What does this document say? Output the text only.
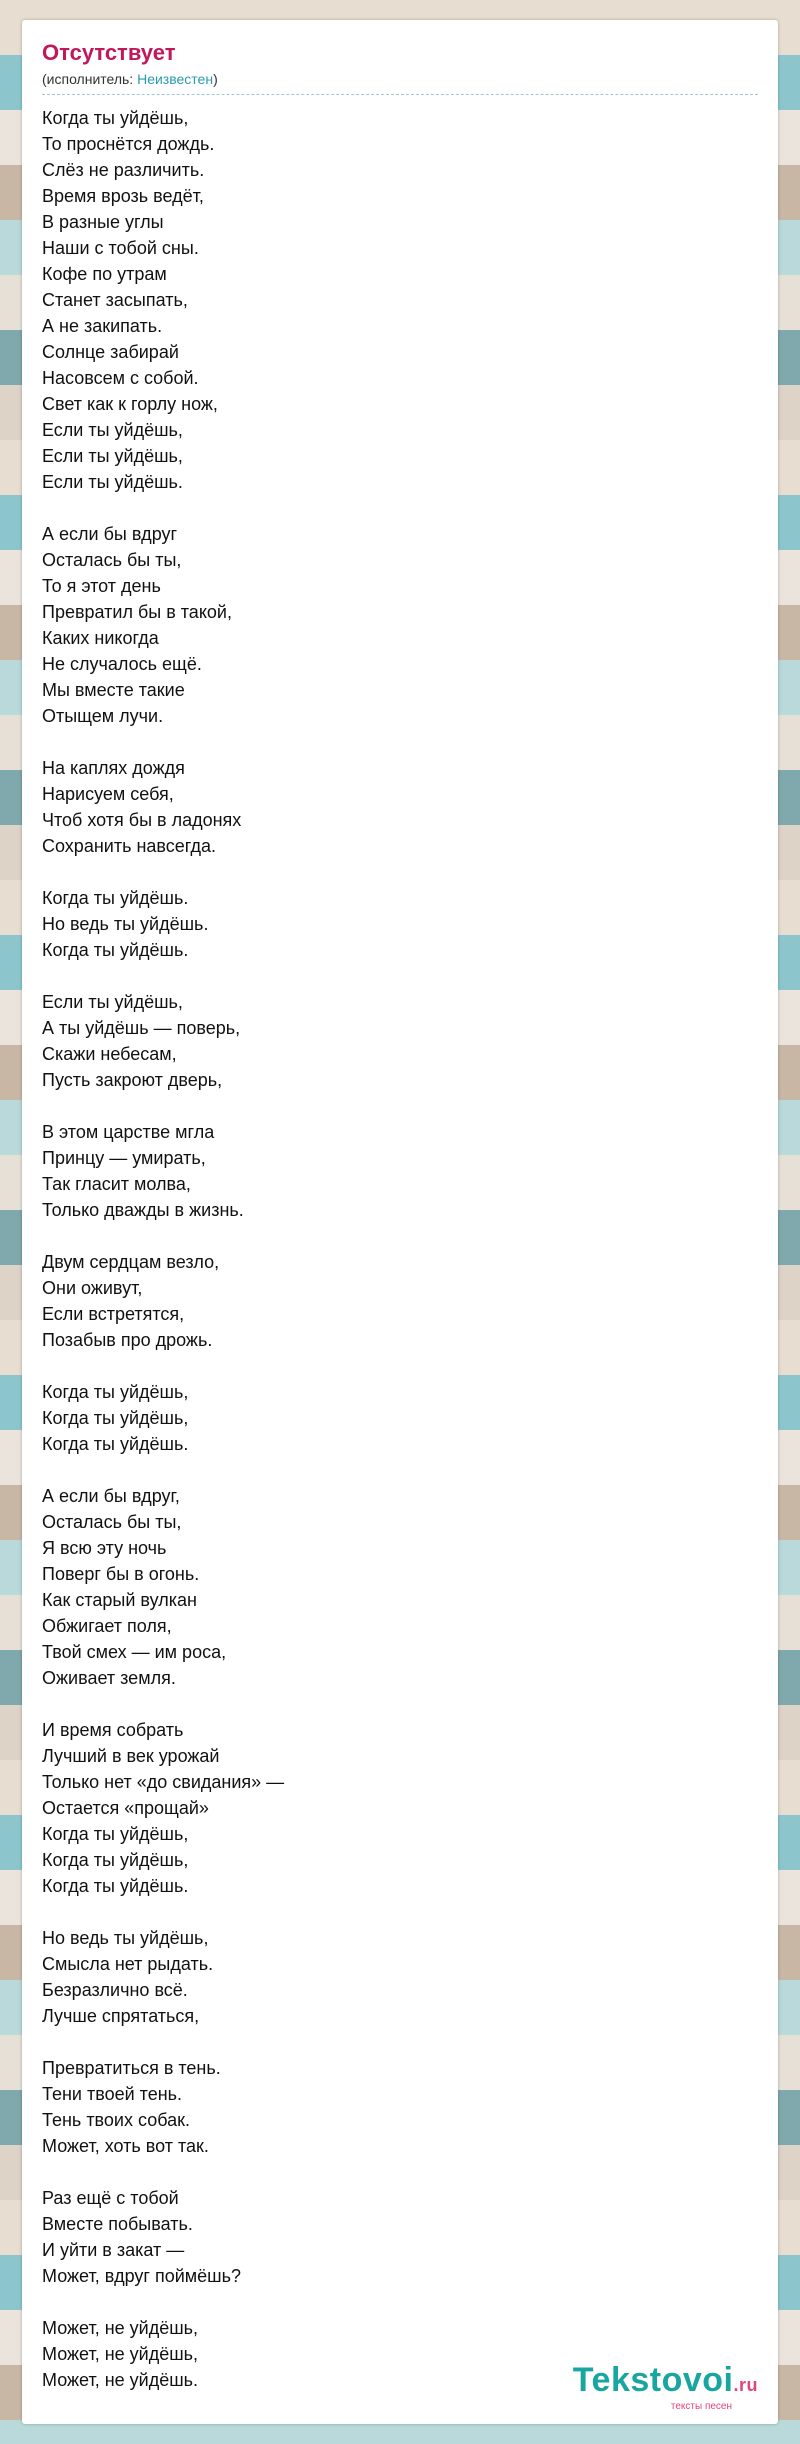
Отсутствует
(исполнитель: Неизвестен)
Когда ты уйдёшь,
То проснётся дождь.
Слёз не различить.
Время врозь ведёт,
В разные углы
Наши с тобой сны.
Кофе по утрам
Станет засыпать,
А не закипать.
Солнце забирай
Насовсем с собой.
Свет как к горлу нож,
Если ты уйдёшь,
Если ты уйдёшь,
Если ты уйдёшь.
А если бы вдруг
Осталась бы ты,
То я этот день
Превратил бы в такой,
Каких никогда
Не случалось ещё.
Мы вместе такие
Отыщем лучи.
На каплях дождя
Нарисуем себя,
Чтоб хотя бы в ладонях
Сохранить навсегда.
Когда ты уйдёшь.
Но ведь ты уйдёшь.
Когда ты уйдёшь.
Если ты уйдёшь,
А ты уйдёшь — поверь,
Скажи небесам,
Пусть закроют дверь,
В этом царстве мгла
Принцу — умирать,
Так гласит молва,
Только дважды в жизнь.
Двум сердцам везло,
Они оживут,
Если встретятся,
Позабыв про дрожь.
Когда ты уйдёшь,
Когда ты уйдёшь,
Когда ты уйдёшь.
А если бы вдруг,
Осталась бы ты,
Я всю эту ночь
Поверг бы в огонь.
Как старый вулкан
Обжигает поля,
Твой смех — им роса,
Оживает земля.
И время собрать
Лучший в век урожай
Только нет «до свидания» —
Остается «прощай»
Когда ты уйдёшь,
Когда ты уйдёшь,
Когда ты уйдёшь.
Но ведь ты уйдёшь,
Смысла нет рыдать.
Безразлично всё.
Лучше спрятаться,
Превратиться в тень.
Тени твоей тень.
Тень твоих собак.
Может, хоть вот так.
Раз ещё с тобой
Вместе побывать.
И уйти в закат —
Может, вдруг поймёшь?
Может, не уйдёшь,
Может, не уйдёшь,
Может, не уйдёшь.	Tekstovoi.ru
тексты песен
